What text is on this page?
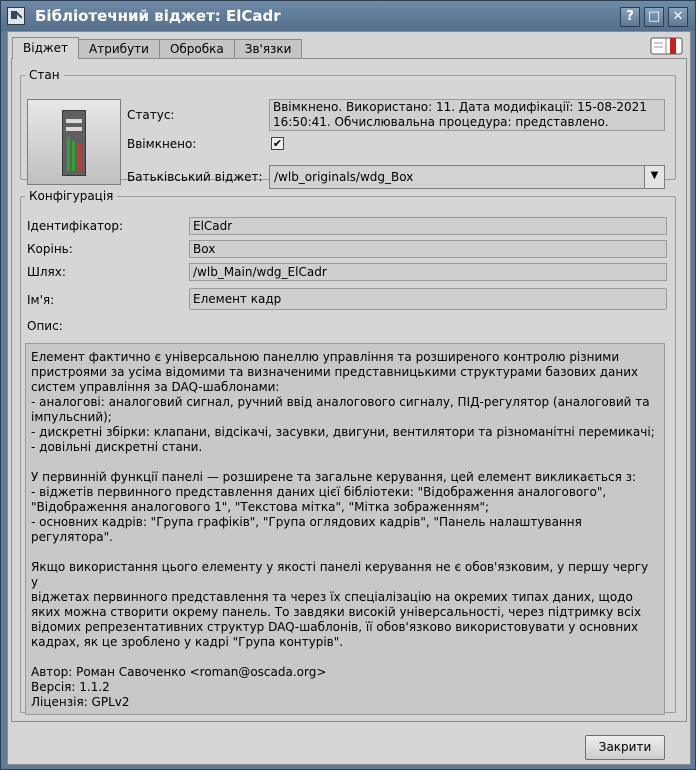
Бібліотечний віджет: ElCadr	?	□ ✕
Віджет	Атрибути	Обробка	Зв'язки
Стан
Статус:
Ввімкнено. Використано: 11. Дата модифікації: 15-08-2021
16:50:41. Обчислювальна процедура: представлено.
Ввімкнено:	✔
Батьківський віджет: /wlb_originals/wdg_Box	▼
Конфігурація
Ідентифікатор:	ElCadr
Корінь:	Box
Шлях:	/wlb_Main/wdg_ElCadr
Ім'я:	Елемент кадр
Опис:
Елемент фактично є універсальною панеллю управління та розширеного контролю різними
пристроями за усіма відомими та визначеними представницькими структурами базових даних
систем управління за DAQ-шаблонами:
- аналогові: аналоговий сигнал, ручний ввід аналогового сигналу, ПІД-регулятор (аналоговий та
імпульсний);
- дискретні збірки: клапани, відсікачі, засувки, двигуни, вентилятори та різноманітні перемикачі;
- довільні дискретні стани.

У первинній функції панелі — розширене та загальне керування, цей елемент викликається з:
- віджетів первинного представлення даних цієї бібліотеки: "Відображення аналогового",
"Відображення аналогового 1", "Текстова мітка", "Мітка зображенням";
- основних кадрів: "Група графіків", "Група оглядових кадрів", "Панель налаштування
регулятора".

Якщо використання цього елементу у якості панелі керування не є обов'язковим, у першу чергу у
віджетах первинного представлення та через їх спеціалізацію на окремих типах даних, щодо
яких можна створити окрему панель. То завдяки високій універсальності, через підтримку всіх
відомих репрезентативних структур DAQ-шаблонів, її обов'язково використовувати у основних
кадрах, як це зроблено у кадрі "Група контурів".

Автор: Роман Савоченко <roman@oscada.org>
Версія: 1.1.2
Ліцензія: GPLv2
Закрити
